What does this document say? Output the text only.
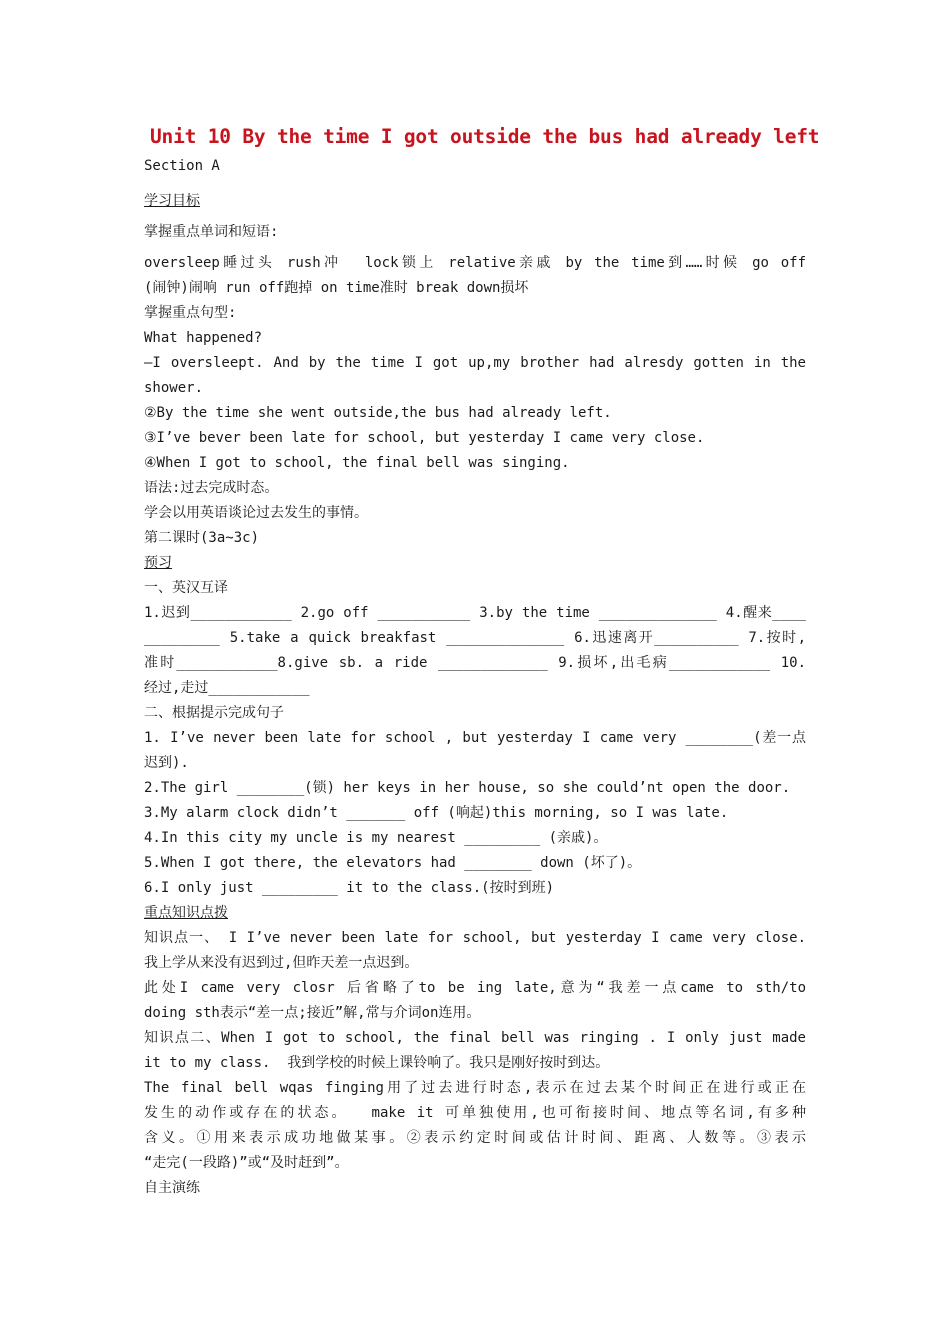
Unit 10 By the time I got outside the bus had already left
Section A
学习目标
掌握重点单词和短语:
oversleep睡过头 rush冲  lock锁上 relative亲戚 by the time到……时候 go off
(闹钟)闹响 run off跑掉 on time准时 break down损坏
掌握重点句型:
What happened?
—I oversleept. And by the time I got up,my brother had alresdy gotten in the
shower.
②By the time she went outside,the bus had already left.
③I’ve bever been late for school, but yesterday I came very close.
④When I got to school, the final bell was singing.
语法:过去完成时态。
学会以用英语谈论过去发生的事情。
第二课时(3a~3c)
预习
一、英汉互译
1.迟到____________ 2.go off ___________ 3.by the time ______________ 4.醒来____
_________ 5.take a quick breakfast ______________ 6.迅速离开__________ 7.按时,
准时____________8.give sb. a ride _____________ 9.损坏,出毛病____________ 10.
经过,走过____________
二、根据提示完成句子
1. I’ve never been late for school , but yesterday I came very ________(差一点
迟到).
2.The girl ________(锁) her keys in her house, so she could’nt open the door.
3.My alarm clock didn’t _______ off (响起)this morning, so I was late.
4.In this city my uncle is my nearest _________ (亲戚)。
5.When I got there, the elevators had ________ down (坏了)。
6.I only just _________ it to the class.(按时到班)
重点知识点拨
知识点一、 I I’ve never been late for school, but yesterday I came very close.
我上学从来没有迟到过,但昨天差一点迟到。
此处I came very closr 后省略了to be ing late,意为“我差一点came to sth/to
doing sth表示“差一点;接近”解,常与介词on连用。
知识点二、When I got to school, the final bell was ringing . I only just made
it to my class.  我到学校的时候上课铃响了。我只是刚好按时到达。
The final bell wqas finging用了过去进行时态,表示在过去某个时间正在进行或正在
发生的动作或存在的状态。  make it 可单独使用,也可衔接时间、地点等名词,有多种
含义。①用来表示成功地做某事。②表示约定时间或估计时间、距离、人数等。③表示
“走完(一段路)”或“及时赶到”。
自主演练
